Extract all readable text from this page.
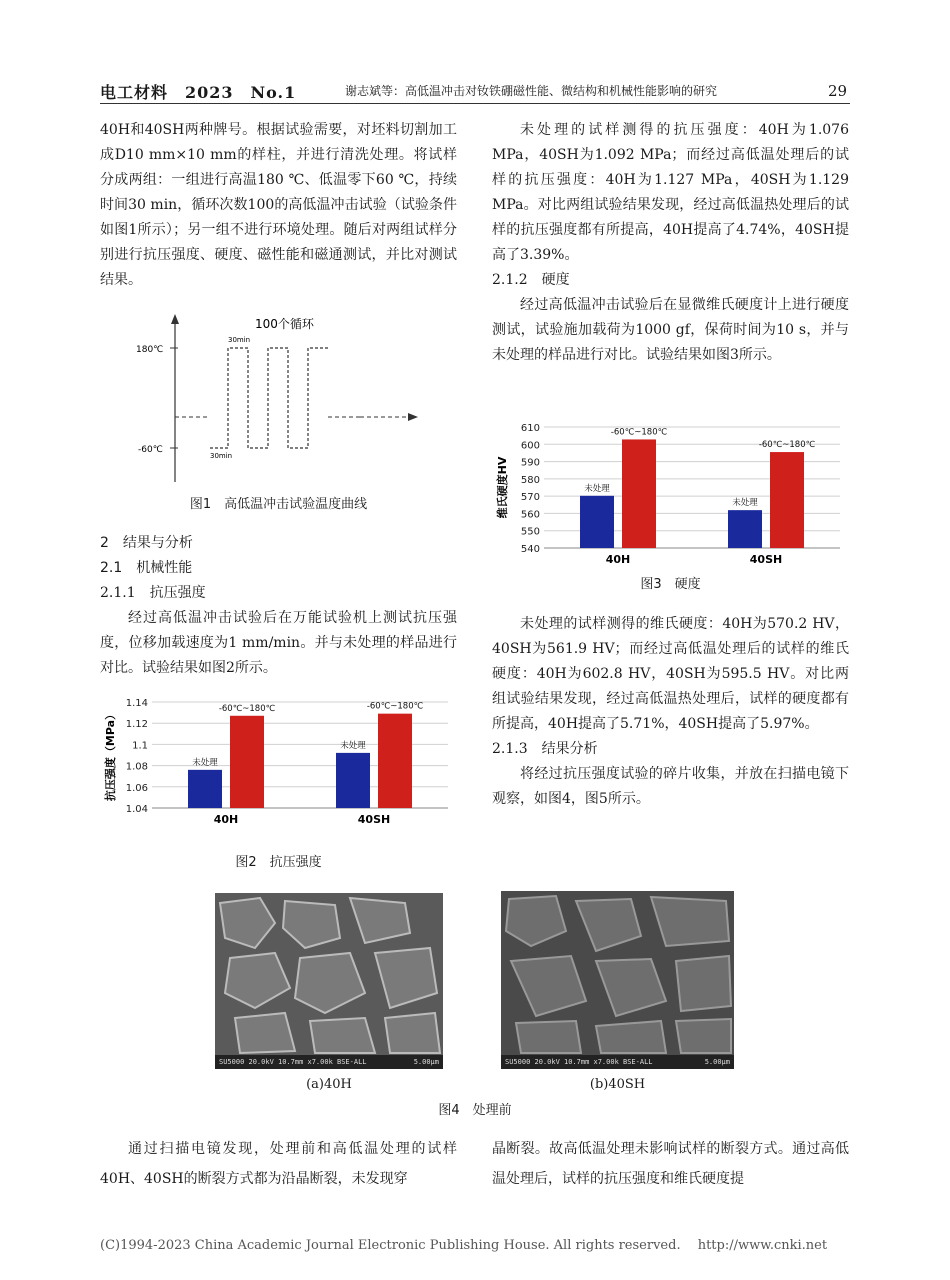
电工材料　2023　No.1	谢志斌等：高低温冲击对钕铁硼磁性能、微结构和机械性能影响的研究	29

40H和40SH两种牌号。根据试验需要，对坯料切割加工成D10 mm×10 mm的样柱，并进行清洗处理。将试样分成两组：一组进行高温180 ℃、低温零下60 ℃，持续时间30 min，循环次数100的高低温冲击试验（试验条件如图1所示）；另一组不进行环境处理。随后对两组试样分别进行抗压强度、硬度、磁性能和磁通测试，并比对测试结果。

180℃
-60℃
100个循环
30min
30min
图1　高低温冲击试验温度曲线
2　结果与分析
2.1　机械性能
2.1.1　抗压强度

经过高低温冲击试验后在万能试验机上测试抗压强度，位移加载速度为1 mm/min。并与未处理的样品进行对比。试验结果如图2所示。

1.04
1.06
1.08
1.1
1.12
1.14
抗压强度（MPa）
40H
未处理
-60℃~180℃
40SH
未处理
-60℃~180℃
图2　抗压强度

未处理的试样测得的抗压强度：40H为1.076 MPa，40SH为1.092 MPa；而经过高低温处理后的试样的抗压强度：40H为1.127 MPa，40SH为1.129 MPa。对比两组试验结果发现，经过高低温热处理后的试样的抗压强度都有所提高，40H提高了4.74%，40SH提高了3.39%。

2.1.2　硬度

经过高低温冲击试验后在显微维氏硬度计上进行硬度测试，试验施加载荷为1000 gf，保荷时间为10 s，并与未处理的样品进行对比。试验结果如图3所示。

540
550
560
570
580
590
600
610
维氏硬度HV
40H
未处理
-60℃~180℃
40SH
未处理
-60℃~180℃
图3　硬度

未处理的试样测得的维氏硬度：40H为570.2 HV，40SH为561.9 HV；而经过高低温处理后的试样的维氏硬度：40H为602.8 HV，40SH为595.5 HV。对比两组试验结果发现，经过高低温热处理后，试样的硬度都有所提高，40H提高了5.71%，40SH提高了5.97%。

2.1.3　结果分析

将经过抗压强度试验的碎片收集，并放在扫描电镜下观察，如图4，图5所示。

SU5000 20.0kV 10.7mm x7.00k BSE-ALL	5.00μm	SU5000 20.0kV 10.7mm x7.00k BSE-ALL	5.00μm
(a)40H	(b)40SH
图4　处理前

通过扫描电镜发现，处理前和高低温处理的试样40H、40SH的断裂方式都为沿晶断裂，未发现穿

晶断裂。故高低温处理未影响试样的断裂方式。通过高低温处理后，试样的抗压强度和维氏硬度提

(C)1994-2023 China Academic Journal Electronic Publishing House. All rights reserved.　 http://www.cnki.net
